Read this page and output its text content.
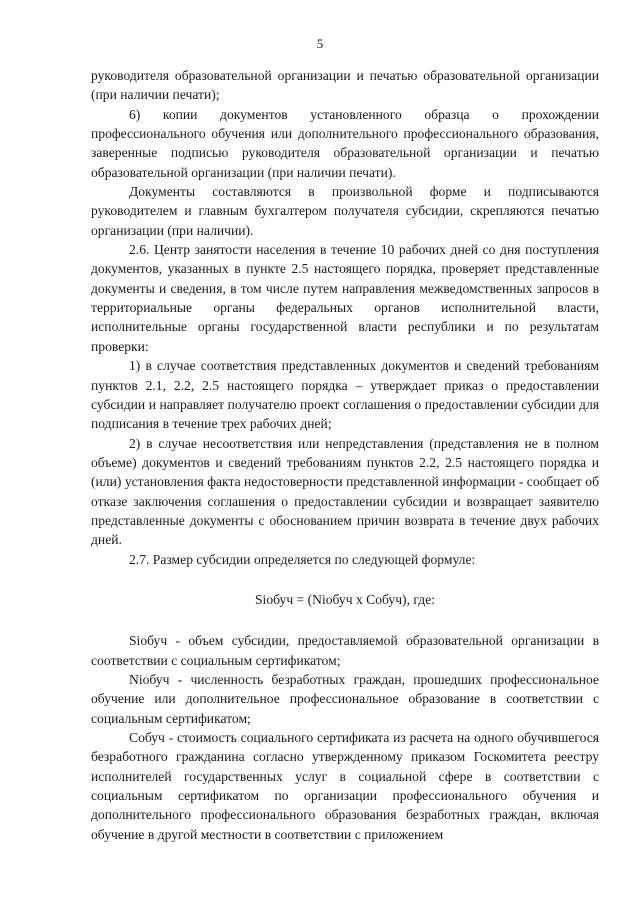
5

руководителя образовательной организации и печатью образовательной организации (при наличии печати);

6) копии документов установленного образца о прохождении профессионального обучения или дополнительного профессионального образования, заверенные подписью руководителя образовательной организации и печатью образовательной организации (при наличии печати).

Документы составляются в произвольной форме и подписываются руководителем и главным бухгалтером получателя субсидии, скрепляются печатью организации (при наличии).

2.6. Центр занятости населения в течение 10 рабочих дней со дня поступления документов, указанных в пункте 2.5 настоящего порядка, проверяет представленные документы и сведения, в том числе путем направления межведомственных запросов в территориальные органы федеральных органов исполнительной власти, исполнительные органы государственной власти республики и по результатам проверки:

1) в случае соответствия представленных документов и сведений требованиям пунктов 2.1, 2.2, 2.5 настоящего порядка – утверждает приказ о предоставлении субсидии и направляет получателю проект соглашения о предоставлении субсидии для подписания в течение трех рабочих дней;

2) в случае несоответствия или непредставления (представления не в полном объеме) документов и сведений требованиям пунктов 2.2, 2.5 настоящего порядка и (или) установления факта недостоверности представленной информации - сообщает об отказе заключения соглашения о предоставлении субсидии и возвращает заявителю представленные документы с обоснованием причин возврата в течение двух рабочих дней.

2.7. Размер субсидии определяется по следующей формуле:

Siобуч = (Niобуч x Собуч), где:

Siобуч - объем субсидии, предоставляемой образовательной организации в соответствии с социальным сертификатом;

Niобуч - численность безработных граждан, прошедших профессиональное обучение или дополнительное профессиональное образование в соответствии с социальным сертификатом;

Собуч - стоимость социального сертификата из расчета на одного обучившегося безработного гражданина согласно утвержденному приказом Госкомитета реестру исполнителей государственных услуг в социальной сфере в соответствии с социальным сертификатом по организации профессионального обучения и дополнительного профессионального образования безработных граждан, включая обучение в другой местности в соответствии с приложением
